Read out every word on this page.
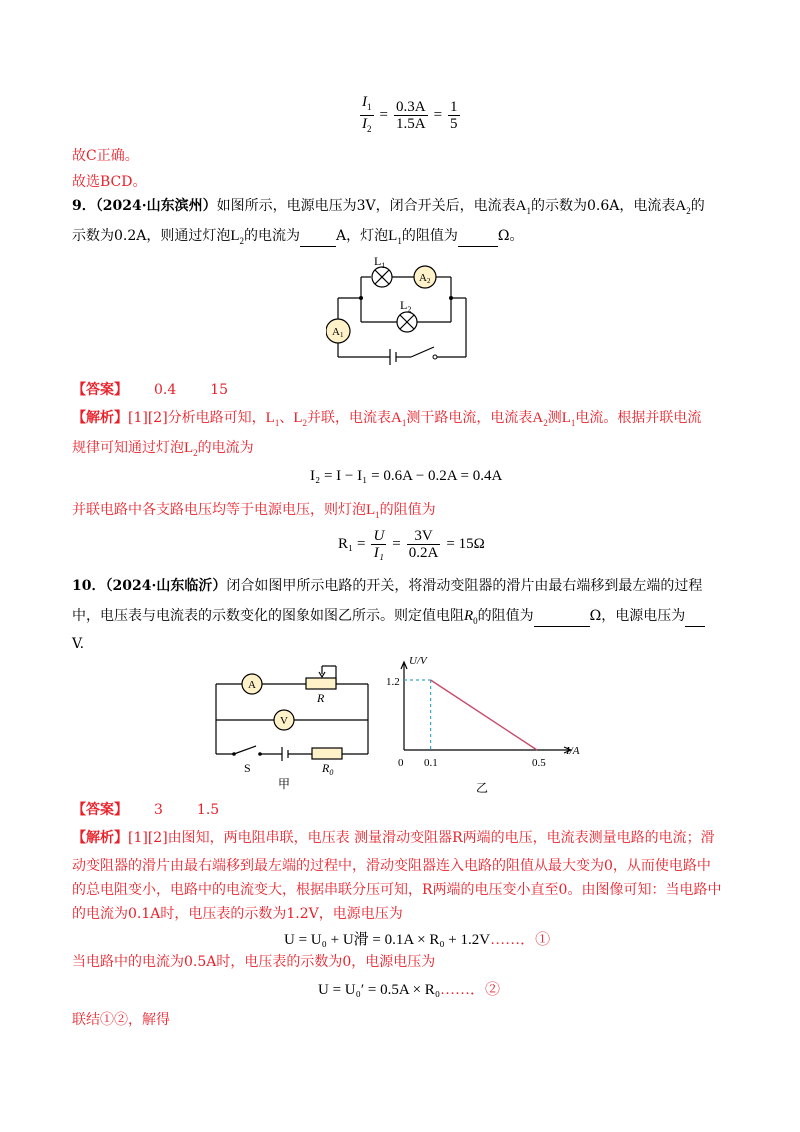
$\frac{I_1}{I_2} = \frac{0.3A}{1.5A} = \frac{1}{5}$
故C正确。
故选BCD。
9．（2024·山东滨州）如图所示，电源电压为3V，闭合开关后，电流表$A_1$的示数为0.6A，电流表$A_2$的
示数为0.2A，则通过灯泡$L_2$的电流为	A，灯泡$L_1$的阻值为	Ω。
$L_1$
$L_2$
A2
A1
【答案】 0.4 15
【解析】[1][2]分析电路可知，$L_1$、$L_2$并联，电流表$A_1$测干路电流，电流表$A_2$测$L_1$电流。根据并联电流
规律可知通过灯泡$L_2$的电流为
I₂ = I − I₁ = 0.6A − 0.2A = 0.4A
并联电路中各支路电压均等于电源电压，则灯泡$L_1$的阻值为
$R_1 = \frac{U}{\text{I₁}} = \frac{3V}{0.2A} = 15\Omega$
10．（2024·山东临沂）闭合如图甲所示电路的开关，将滑动变阻器的滑片由最右端移到最左端的过程
中，电压表与电流表的示数变化的图象如图乙所示。则定值电阻$R_0$的阻值为	Ω，电源电压为
V.
A
V
R
S	$R_0$
甲
U/V
I/A
1.2
0 0.1	0.5
乙
【答案】 3 1.5
【解析】[1][2]由图知，两电阻串联，电压表 测量滑动变阻器R两端的电压，电流表测量电路的电流；滑
动变阻器的滑片由最右端移到最左端的过程中，滑动变阻器连入电路的阻值从最大变为0，从而使电路中
的总电阻变小，电路中的电流变大，根据串联分压可知，R两端的电压变小直至0。由图像可知：当电路中
的电流为0.1A时，电压表的示数为1.2V，电源电压为
U = U₀ + U滑 = 0.1A × R₀ + 1.2V……．①
当电路中的电流为0.5A时，电压表的示数为0，电源电压为
U = U₀′ = 0.5A × R₀……．②
联结①②，解得
